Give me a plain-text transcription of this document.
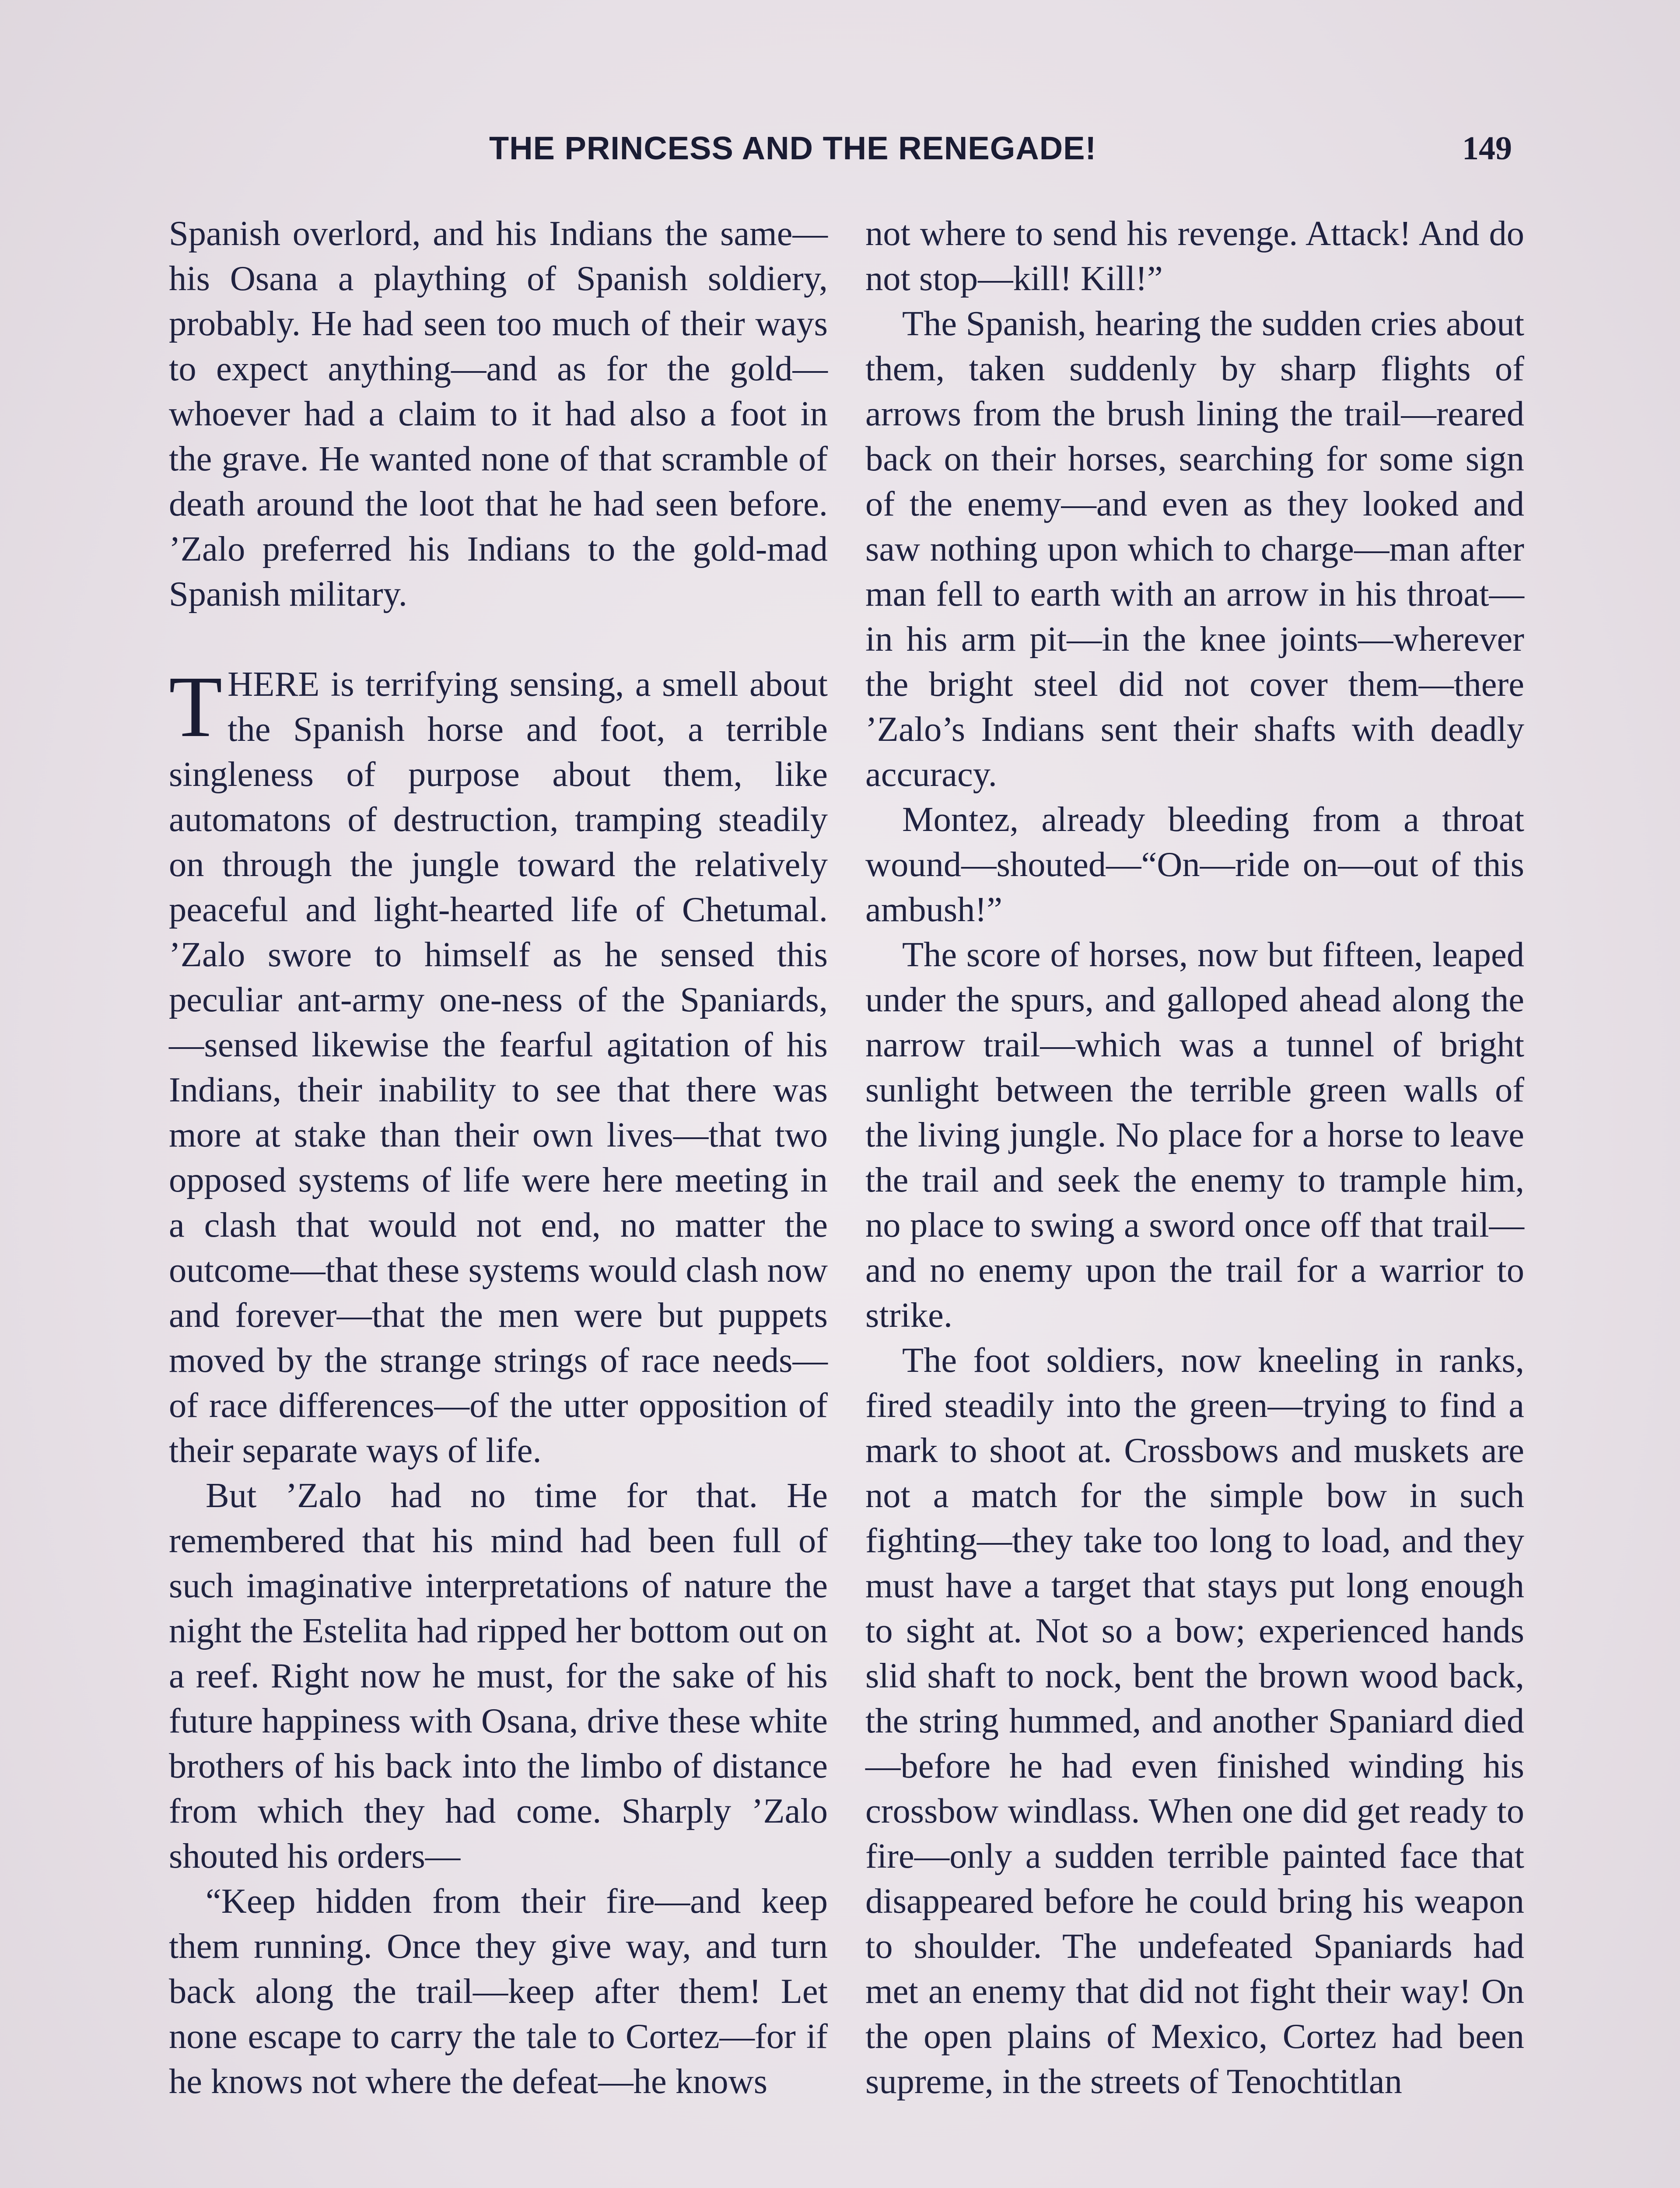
THE PRINCESS AND THE RENEGADE!	149

Spanish overlord, and his Indians the same—his Osana a plaything of Spanish soldiery, probably. He had seen too much of their ways to expect anything—and as for the gold—whoever had a claim to it had also a foot in the grave. He wanted none of that scramble of death around the loot that he had seen before. ’Zalo preferred his Indians to the gold-mad Spanish military.

THERE is terrifying sensing, a smell about the Spanish horse and foot, a terrible singleness of purpose about them, like automatons of destruction, tramping steadily on through the jungle toward the relatively peaceful and light-hearted life of Chetumal. ’Zalo swore to himself as he sensed this peculiar ant-army one-ness of the Spaniards,—sensed likewise the fearful agitation of his Indians, their inability to see that there was more at stake than their own lives—that two opposed systems of life were here meeting in a clash that would not end, no matter the outcome—that these systems would clash now and forever—that the men were but puppets moved by the strange strings of race needs—of race differences—of the utter opposition of their separate ways of life.

But ’Zalo had no time for that. He remembered that his mind had been full of such imaginative interpretations of nature the night the Estelita had ripped her bottom out on a reef. Right now he must, for the sake of his future happiness with Osana, drive these white brothers of his back into the limbo of distance from which they had come. Sharply ’Zalo shouted his orders—

“Keep hidden from their fire—and keep them running. Once they give way, and turn back along the trail—keep after them! Let none escape to carry the tale to Cortez—for if he knows not where the defeat—he knows

not where to send his revenge. Attack! And do not stop—kill! Kill!”

The Spanish, hearing the sudden cries about them, taken suddenly by sharp flights of arrows from the brush lining the trail—reared back on their horses, searching for some sign of the enemy—and even as they looked and saw nothing upon which to charge—man after man fell to earth with an arrow in his throat—in his arm pit—in the knee joints—wherever the bright steel did not cover them—there ’Zalo’s Indians sent their shafts with deadly accuracy.

Montez, already bleeding from a throat wound—shouted—“On—ride on—out of this ambush!”

The score of horses, now but fifteen, leaped under the spurs, and galloped ahead along the narrow trail—which was a tunnel of bright sunlight between the terrible green walls of the living jungle. No place for a horse to leave the trail and seek the enemy to trample him, no place to swing a sword once off that trail—and no enemy upon the trail for a warrior to strike.

The foot soldiers, now kneeling in ranks, fired steadily into the green—trying to find a mark to shoot at. Crossbows and muskets are not a match for the simple bow in such fighting—they take too long to load, and they must have a target that stays put long enough to sight at. Not so a bow; experienced hands slid shaft to nock, bent the brown wood back, the string hummed, and another Spaniard died—before he had even finished winding his crossbow windlass. When one did get ready to fire—only a sudden terrible painted face that disappeared before he could bring his weapon to shoulder. The undefeated Spaniards had met an enemy that did not fight their way! On the open plains of Mexico, Cortez had been supreme, in the streets of Tenochtitlan
